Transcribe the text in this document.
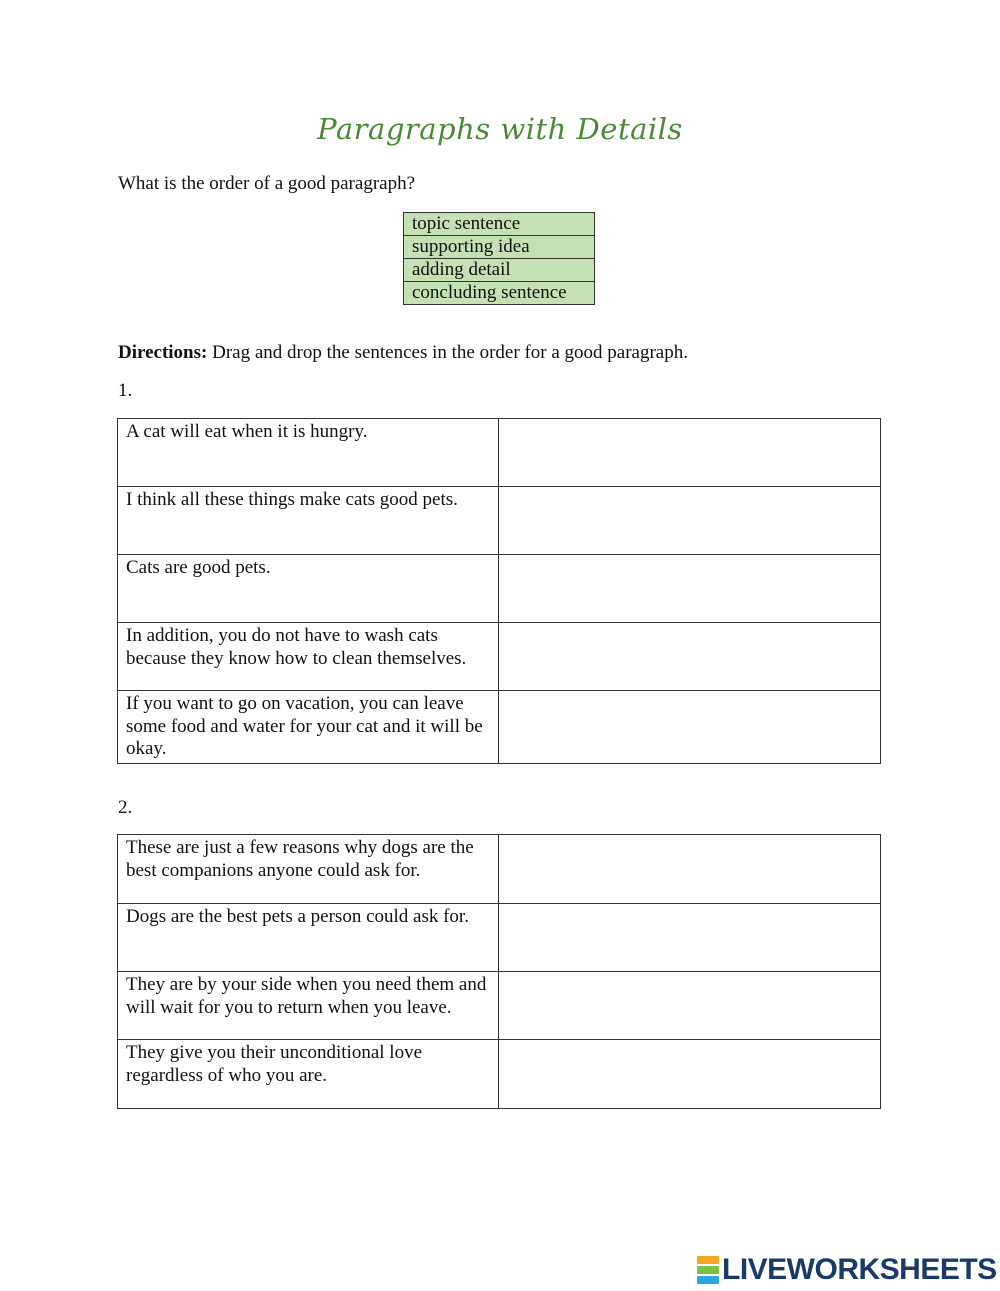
Paragraphs with Details
What is the order of a good paragraph?
topic sentence
supporting idea
adding detail
concluding sentence
Directions: Drag and drop the sentences in the order for a good paragraph.
1.
A cat will eat when it is hungry.	
I think all these things make cats good pets.	
Cats are good pets.	
In addition, you do not have to wash cats because they know how to clean themselves.	
If you want to go on vacation, you can leave some food and water for your cat and it will be okay.	
2.
These are just a few reasons why dogs are the best companions anyone could ask for.	
Dogs are the best pets a person could ask for.	
They are by your side when you need them and will wait for you to return when you leave.	
They give you their unconditional love regardless of who you are.	
LIVEWORKSHEETS
